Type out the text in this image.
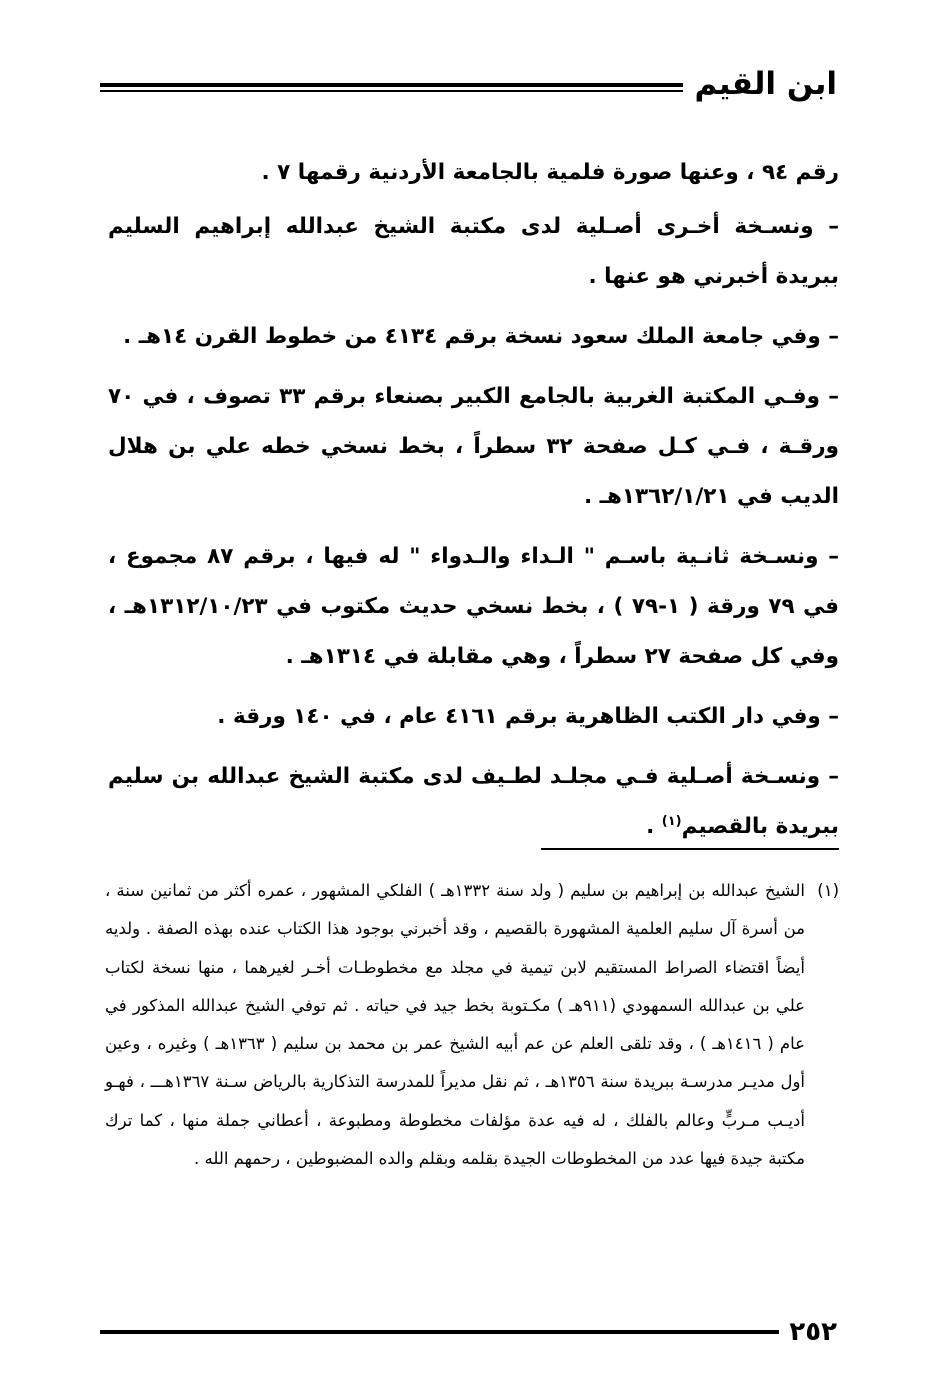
ابن القيم

رقم ٩٤ ، وعنها صورة فلمية بالجامعة الأردنية رقمها ٧ .

– ونسـخة أخـرى أصـلية لدى مكتبة الشيخ عبدالله إبراهيم السليم ببريدة أخبرني هو عنها .

– وفي جامعة الملك سعود نسخة برقم ٤١٣٤ من خطوط القرن ١٤هـ .

– وفـي المكتبة الغربية بالجامع الكبير بصنعاء برقم ٣٣ تصوف ، في ٧٠ ورقـة ، فـي كـل صفحة ٣٢ سطراً ، بخط نسخي خطه علي بن هلال الديب في ١٣٦٢/١/٢١هـ .

– ونسـخة ثانـية باسـم " الـداء والـدواء " له فيها ، برقم ٨٧ مجموع ، في ٧٩ ورقة ( ١-٧٩ ) ، بخط نسخي حديث مكتوب في ١٣١٢/١٠/٢٣هـ ، وفي كل صفحة ٢٧ سطراً ، وهي مقابلة في ١٣١٤هـ .

– وفي دار الكتب الظاهرية برقم ٤١٦١ عام ، في ١٤٠ ورقة .

– ونسـخة أصـلية فـي مجلـد لطـيف لدى مكتبة الشيخ عبدالله بن سليم ببريدة بالقصيم$^{(١)}$ .

(١)
الشيخ عبدالله بن إبراهيم بن سليم ( ولد سنة ١٣٣٢هـ ) الفلكي المشهور ، عمره أكثر من ثمانين سنة ، من أسرة آل سليم العلمية المشهورة بالقصيم ، وقد أخبرني بوجود هذا الكتاب عنده بهذه الصفة . ولديه أيضاً اقتضاء الصراط المستقيم لابن تيمية في مجلد مع مخطوطـات أخـر لغيرهما ، منها نسخة لكتاب علي بن عبدالله السمهودي (٩١١هـ ) مكـتوبة بخط جيد في حياته . ثم توفي الشيخ عبدالله المذكور في عام ( ١٤١٦هـ ) ، وقد تلقى العلم عن عم أبيه الشيخ عمر بن محمد بن سليم ( ١٣٦٣هـ ) وغيره ، وعين أول مديـر مدرسـة ببريدة سنة ١٣٥٦هـ ، ثم نقل مديراً للمدرسة التذكارية بالرياض سـنة ١٣٦٧هـــ ، فهـو أديـب مـربٍّ وعالم بالفلك ، له فيه عدة مؤلفات مخطوطة ومطبوعة ، أعطاني جملة منها ، كما ترك مكتبة جيدة فيها عدد من المخطوطات الجيدة بقلمه وبقلم والده المضبوطين ، رحمهم الله .
٢٥٢
